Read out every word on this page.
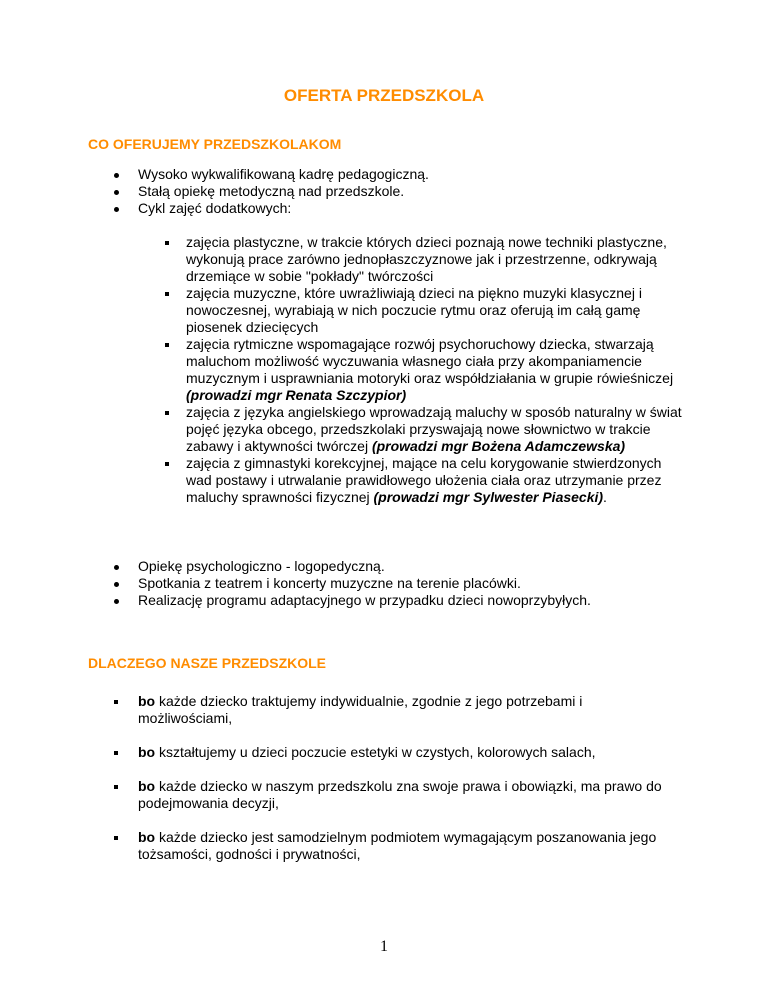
OFERTA PRZEDSZKOLA
CO OFERUJEMY PRZEDSZKOLAKOM
Wysoko wykwalifikowaną kadrę pedagogiczną.
Stałą opiekę metodyczną nad przedszkole.
Cykl zajęć dodatkowych:
zajęcia plastyczne, w trakcie których dzieci poznają nowe techniki plastyczne, wykonują prace zarówno jednopłaszczyznowe jak i przestrzenne, odkrywają drzemiące w sobie "pokłady" twórczości
zajęcia muzyczne, które uwrażliwiają dzieci na piękno muzyki klasycznej i nowoczesnej, wyrabiają w nich poczucie rytmu oraz oferują im całą gamę piosenek dziecięcych
zajęcia rytmiczne wspomagające rozwój psychoruchowy dziecka, stwarzają maluchom możliwość wyczuwania własnego ciała przy akompaniamencie muzycznym i usprawniania motoryki oraz współdziałania w grupie rówieśniczej
(prowadzi mgr Renata Szczypior)
zajęcia z języka angielskiego wprowadzają maluchy w sposób naturalny w świat pojęć języka obcego, przedszkolaki przyswajają nowe słownictwo w trakcie zabawy i aktywności twórczej (prowadzi mgr Bożena Adamczewska)
zajęcia z gimnastyki korekcyjnej, mające na celu korygowanie stwierdzonych wad postawy i utrwalanie prawidłowego ułożenia ciała oraz utrzymanie przez maluchy sprawności fizycznej (prowadzi mgr Sylwester Piasecki).
Opiekę psychologiczno - logopedyczną.
Spotkania z teatrem i koncerty muzyczne na terenie placówki.
Realizację programu adaptacyjnego w przypadku dzieci nowoprzybyłych.
DLACZEGO NASZE PRZEDSZKOLE
bo każde dziecko traktujemy indywidualnie, zgodnie z jego potrzebami i możliwościami,
bo kształtujemy u dzieci poczucie estetyki w czystych, kolorowych salach,
bo każde dziecko w naszym przedszkolu zna swoje prawa i obowiązki, ma prawo do podejmowania decyzji,
bo każde dziecko jest samodzielnym podmiotem wymagającym poszanowania jego tożsamości, godności i prywatności,
1
